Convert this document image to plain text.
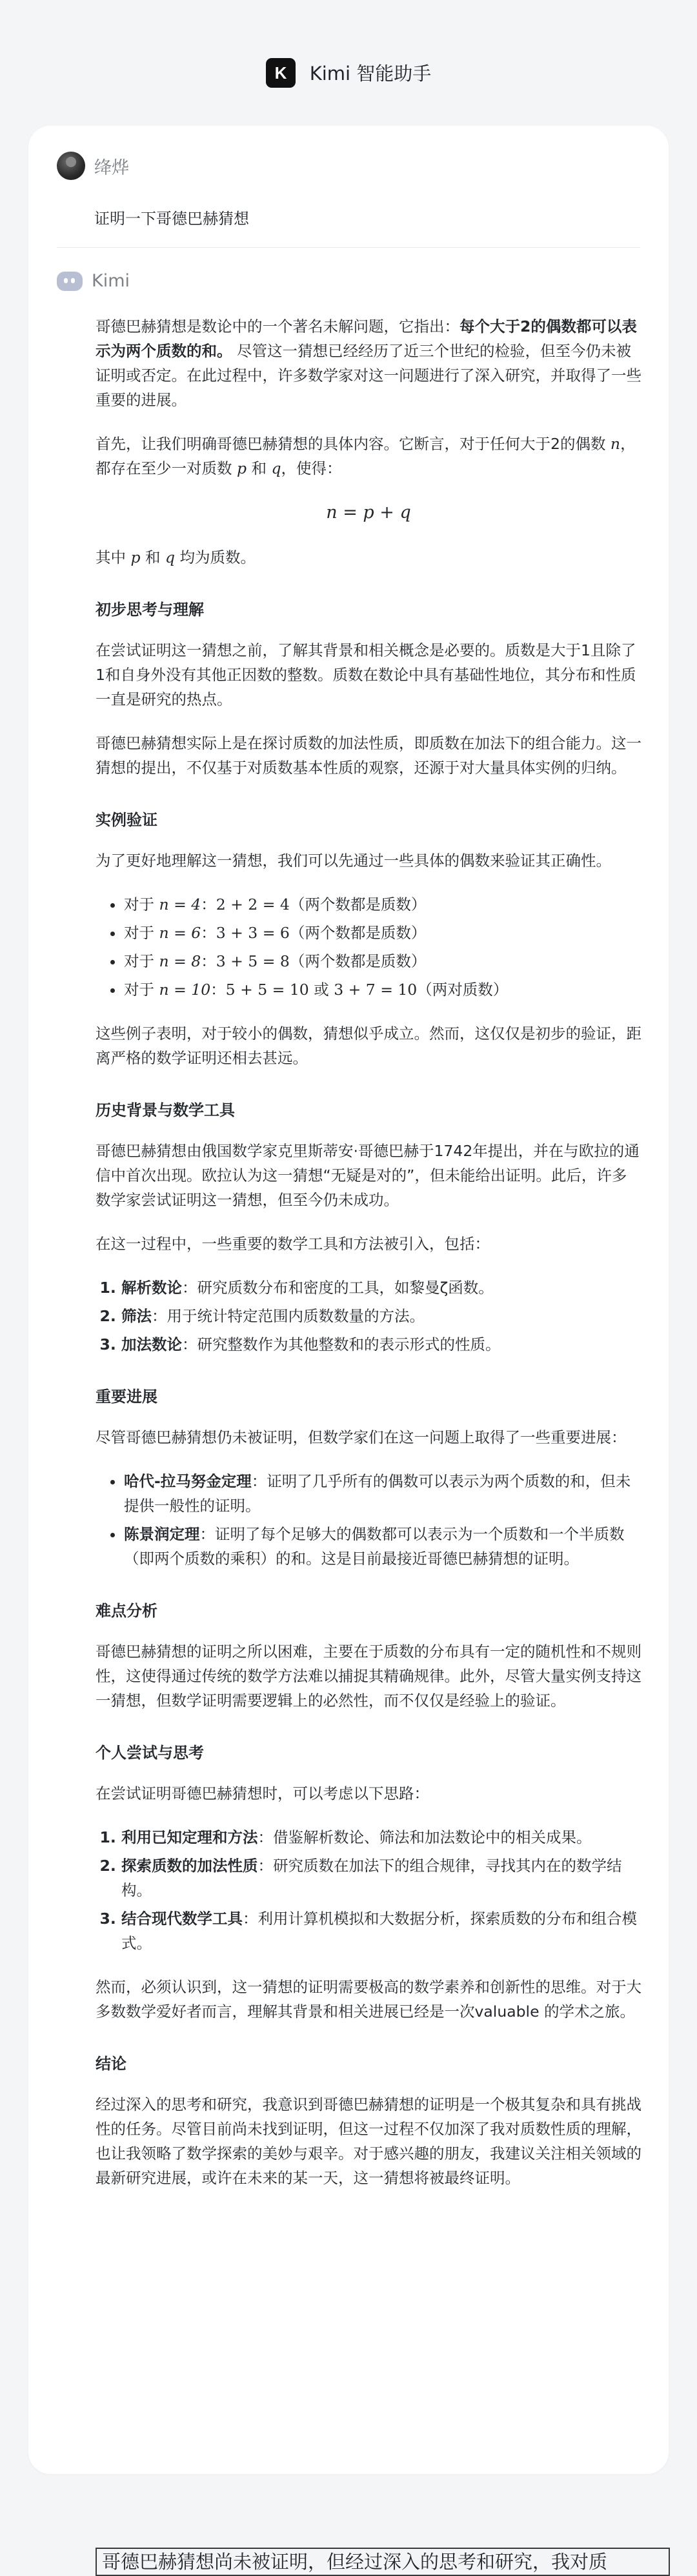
K Kimi 智能助手
绛烨
证明一下哥德巴赫猜想
Kimi

哥德巴赫猜想是数论中的一个著名未解问题，它指出：每个大于2的偶数都可以表示为两个质数的和。 尽管这一猜想已经经历了近三个世纪的检验，但至今仍未被证明或否定。在此过程中，许多数学家对这一问题进行了深入研究，并取得了一些重要的进展。

首先，让我们明确哥德巴赫猜想的具体内容。它断言，对于任何大于2的偶数 n，都存在至少一对质数 p 和 q，使得：

n = p + q

其中 p 和 q 均为质数。

初步思考与理解

在尝试证明这一猜想之前，了解其背景和相关概念是必要的。质数是大于1且除了1和自身外没有其他正因数的整数。质数在数论中具有基础性地位，其分布和性质一直是研究的热点。

哥德巴赫猜想实际上是在探讨质数的加法性质，即质数在加法下的组合能力。这一猜想的提出，不仅基于对质数基本性质的观察，还源于对大量具体实例的归纳。

实例验证

为了更好地理解这一猜想，我们可以先通过一些具体的偶数来验证其正确性。

• 对于 n = 4：2 + 2 = 4（两个数都是质数）
• 对于 n = 6：3 + 3 = 6（两个数都是质数）
• 对于 n = 8：3 + 5 = 8（两个数都是质数）
• 对于 n = 10：5 + 5 = 10 或 3 + 7 = 10（两对质数）

这些例子表明，对于较小的偶数，猜想似乎成立。然而，这仅仅是初步的验证，距离严格的数学证明还相去甚远。

历史背景与数学工具

哥德巴赫猜想由俄国数学家克里斯蒂安·哥德巴赫于1742年提出，并在与欧拉的通信中首次出现。欧拉认为这一猜想“无疑是对的”，但未能给出证明。此后，许多数学家尝试证明这一猜想，但至今仍未成功。

在这一过程中，一些重要的数学工具和方法被引入，包括：

1. 解析数论：研究质数分布和密度的工具，如黎曼ζ函数。
2. 筛法：用于统计特定范围内质数数量的方法。
3. 加法数论：研究整数作为其他整数和的表示形式的性质。
重要进展

尽管哥德巴赫猜想仍未被证明，但数学家们在这一问题上取得了一些重要进展：

• 哈代-拉马努金定理：证明了几乎所有的偶数可以表示为两个质数的和，但未提供一般性的证明。
• 陈景润定理：证明了每个足够大的偶数都可以表示为一个质数和一个半质数（即两个质数的乘积）的和。这是目前最接近哥德巴赫猜想的证明。
难点分析

哥德巴赫猜想的证明之所以困难，主要在于质数的分布具有一定的随机性和不规则性，这使得通过传统的数学方法难以捕捉其精确规律。此外，尽管大量实例支持这一猜想，但数学证明需要逻辑上的必然性，而不仅仅是经验上的验证。

个人尝试与思考

在尝试证明哥德巴赫猜想时，可以考虑以下思路：

1. 利用已知定理和方法：借鉴解析数论、筛法和加法数论中的相关成果。
2. 探索质数的加法性质：研究质数在加法下的组合规律，寻找其内在的数学结构。
3. 结合现代数学工具：利用计算机模拟和大数据分析，探索质数的分布和组合模式。

然而，必须认识到，这一猜想的证明需要极高的数学素养和创新性的思维。对于大多数数学爱好者而言，理解其背景和相关进展已经是一次valuable 的学术之旅。

结论

经过深入的思考和研究，我意识到哥德巴赫猜想的证明是一个极其复杂和具有挑战性的任务。尽管目前尚未找到证明，但这一过程不仅加深了我对质数性质的理解，也让我领略了数学探索的美妙与艰辛。对于感兴趣的朋友，我建议关注相关领域的最新研究进展，或许在未来的某一天，这一猜想将被最终证明。

哥德巴赫猜想尚未被证明，但经过深入的思考和研究，我对质
